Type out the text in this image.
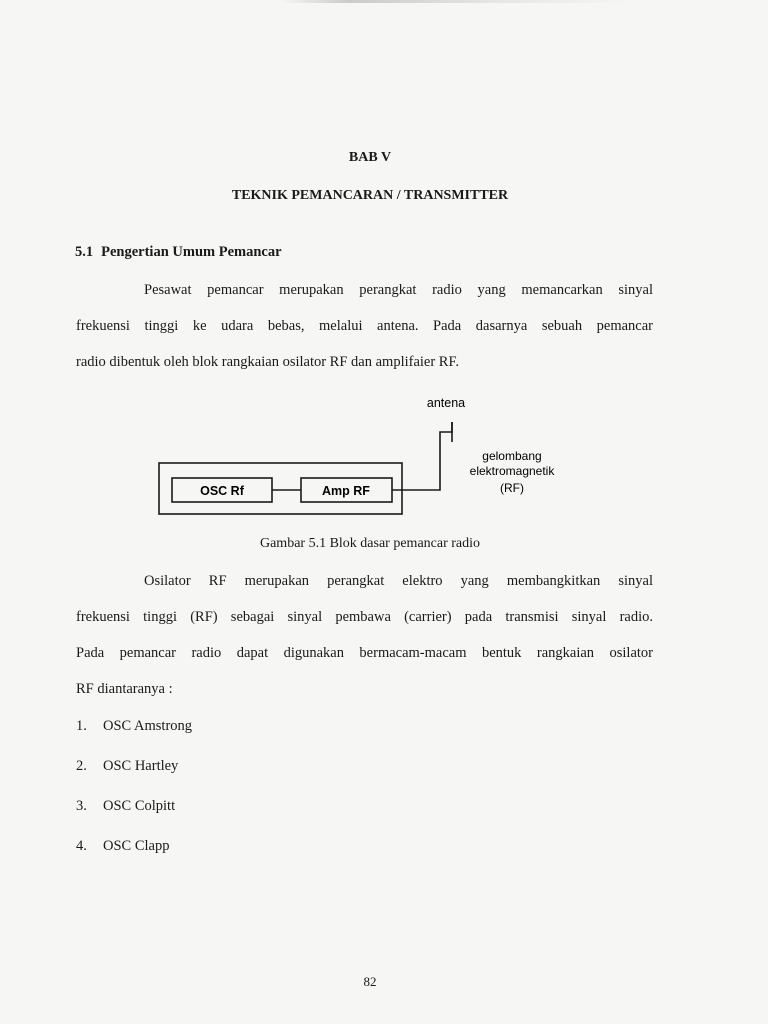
BAB V
TEKNIK PEMANCARAN / TRANSMITTER
5.1 Pengertian Umum Pemancar
Pesawat pemancar merupakan perangkat radio yang memancarkan sinyal
frekuensi tinggi ke udara bebas, melalui antena. Pada dasarnya sebuah pemancar
radio dibentuk oleh blok rangkaian osilator RF dan amplifaier RF.
antena
OSC Rf	Amp RF
gelombang
elektromagnetik
(RF)
Gambar 5.1 Blok dasar pemancar radio
Osilator RF merupakan perangkat elektro yang membangkitkan sinyal
frekuensi tinggi (RF) sebagai sinyal pembawa (carrier) pada transmisi sinyal radio.
Pada pemancar radio dapat digunakan bermacam-macam bentuk rangkaian osilator
RF diantaranya :
1. OSC Amstrong
2. OSC Hartley
3. OSC Colpitt
4. OSC Clapp
82
